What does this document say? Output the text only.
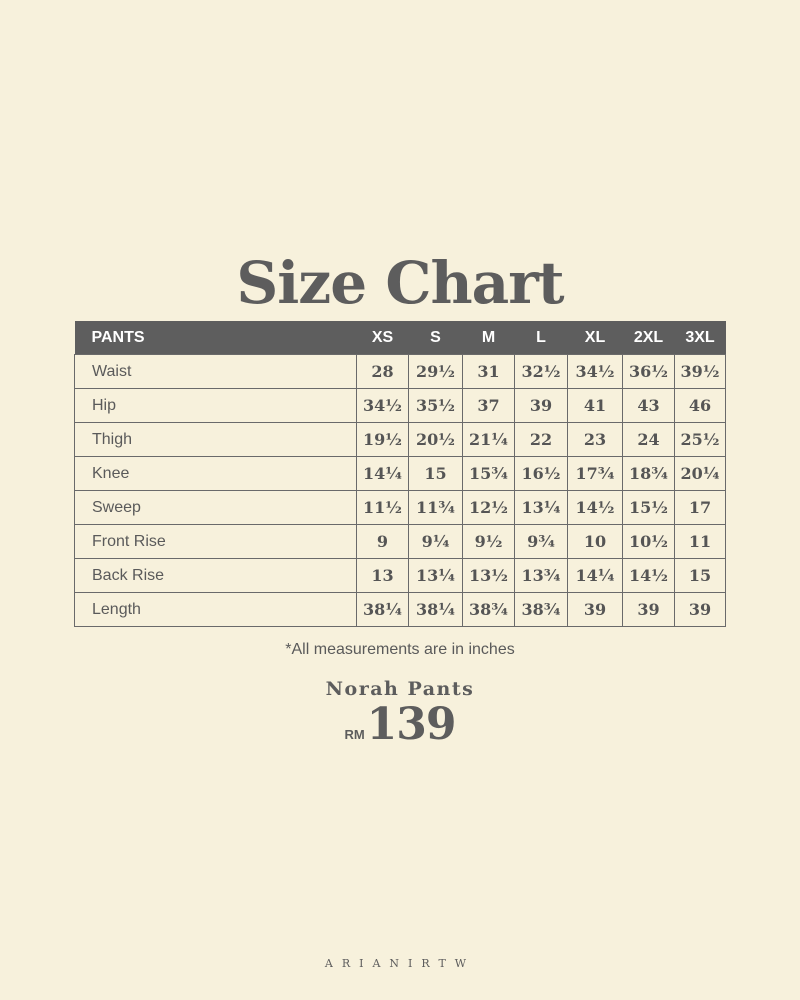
Size Chart
PANTS	XS	S	M	L	XL	2XL	3XL
Waist	28	29½	31	32½	34½	36½	39½
Hip	34½	35½	37	39	41	43	46
Thigh	19½	20½	21¼	22	23	24	25½
Knee	14¼	15	15¾	16½	17¾	18¾	20¼
Sweep	11½	11¾	12½	13¼	14½	15½	17
Front Rise	9	9¼	9½	9¾	10	10½	11
Back Rise	13	13¼	13½	13¾	14¼	14½	15
Length	38¼	38¼	38¾	38¾	39	39	39
*All measurements are in inches
Norah Pants
RM139
ARIANIRTW
